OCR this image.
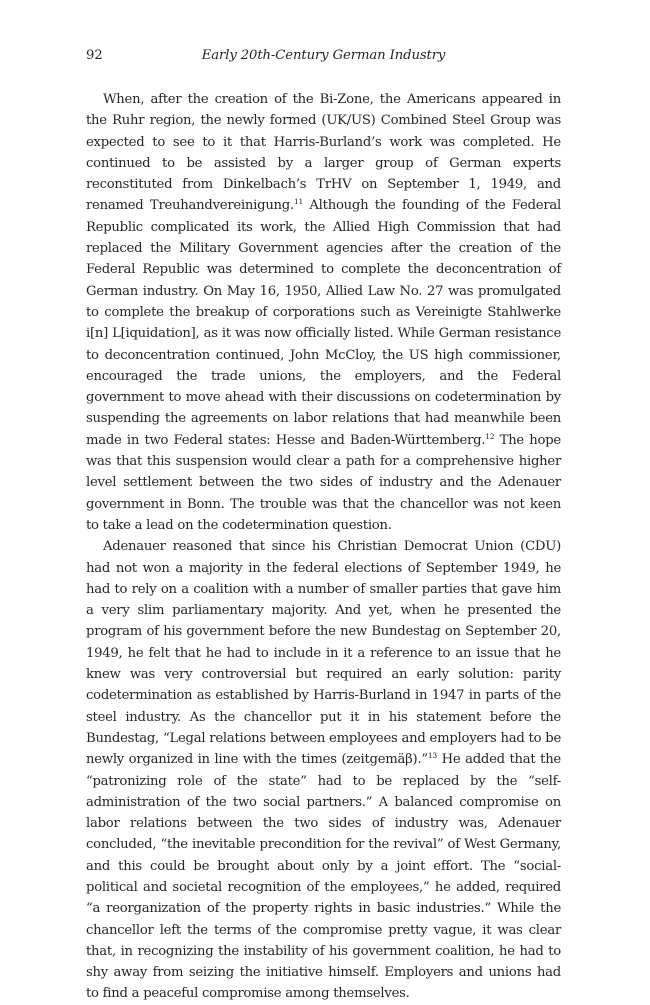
92	Early 20th-Century German Industry

When, after the creation of the Bi-Zone, the Americans appeared in the Ruhr region, the newly formed (UK/US) Combined Steel Group was expected to see to it that Harris-Burland’s work was completed. He continued to be assisted by a larger group of German experts reconstituted from Dinkelbach’s TrHV on September 1, 1949, and renamed Treuhandvereinigung.$^{11}$ Although the founding of the Federal Republic complicated its work, the Allied High Commission that had replaced the Military Government agencies after the creation of the Federal Republic was determined to complete the deconcentration of German industry. On May 16, 1950, Allied Law No. 27 was promulgated to complete the breakup of corporations such as Vereinigte Stahlwerke i[n] L[iquidation], as it was now officially listed. While German resistance to deconcentration continued, John McCloy, the US high commissioner, encouraged the trade unions, the employers, and the Federal government to move ahead with their discussions on codetermination by suspending the agreements on labor relations that had meanwhile been made in two Federal states: Hesse and Baden-Württemberg.$^{12}$ The hope was that this suspension would clear a path for a comprehensive higher level settlement between the two sides of industry and the Adenauer government in Bonn. The trouble was that the chancellor was not keen to take a lead on the codetermination question.

Adenauer reasoned that since his Christian Democrat Union (CDU) had not won a majority in the federal elections of September 1949, he had to rely on a coalition with a number of smaller parties that gave him a very slim parliamentary majority. And yet, when he presented the program of his government before the new Bundestag on September 20, 1949, he felt that he had to include in it a reference to an issue that he knew was very controversial but required an early solution: parity codetermination as established by Harris-Burland in 1947 in parts of the steel industry. As the chancellor put it in his statement before the Bundestag, “Legal relations between employees and employers had to be newly organized in line with the times (zeitgemäβ).”$^{13}$ He added that the “patronizing role of the state” had to be replaced by the “self-administration of the two social partners.” A balanced compromise on labor relations between the two sides of industry was, Adenauer concluded, “the inevitable precondition for the revival” of West Germany, and this could be brought about only by a joint effort. The “social-political and societal recognition of the employees,” he added, required “a reorganization of the property rights in basic industries.” While the chancellor left the terms of the compromise pretty vague, it was clear that, in recognizing the instability of his government coalition, he had to shy away from seizing the initiative himself. Employers and unions had to find a peaceful compromise among themselves.
